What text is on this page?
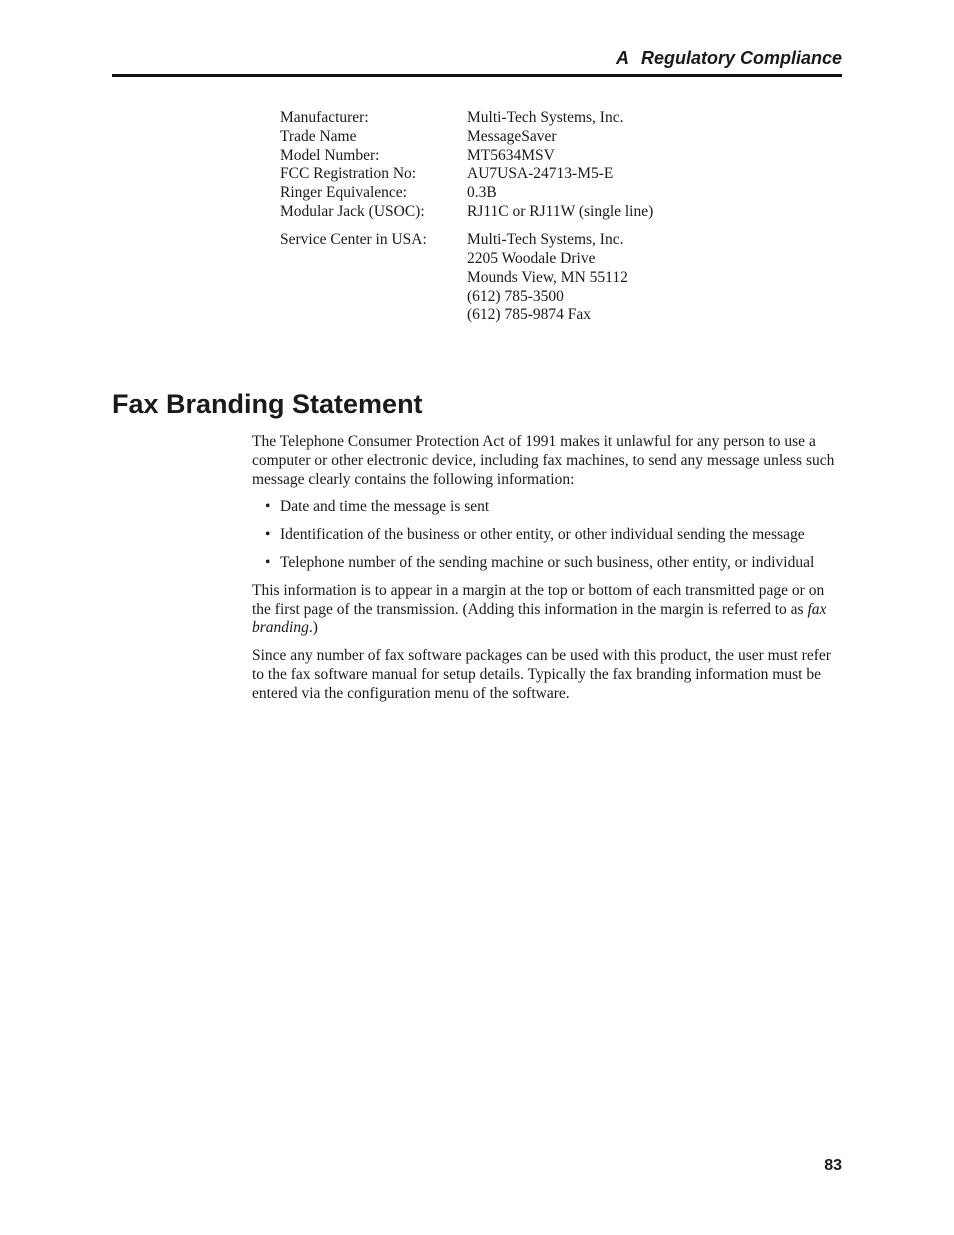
A Regulatory Compliance
Manufacturer:	Multi-Tech Systems, Inc.
Trade Name	MessageSaver
Model Number:	MT5634MSV
FCC Registration No:	AU7USA-24713-M5-E
Ringer Equivalence:	0.3B
Modular Jack (USOC):	RJ11C or RJ11W (single line)
Service Center in USA:	Multi-Tech Systems, Inc.
2205 Woodale Drive
Mounds View, MN 55112
(612) 785-3500
(612) 785-9874 Fax
Fax Branding Statement

The Telephone Consumer Protection Act of 1991 makes it unlawful for any person to use a computer or other electronic device, including fax machines, to send any message unless such message clearly contains the following information:

• Date and time the message is sent
• Identification of the business or other entity, or other individual sending the message
• Telephone number of the sending machine or such business, other entity, or individual

This information is to appear in a margin at the top or bottom of each transmitted page or on the first page of the transmission. (Adding this information in the margin is referred to as fax branding.)

Since any number of fax software packages can be used with this product, the user must refer to the fax software manual for setup details. Typically the fax branding information must be entered via the configuration menu of the software.

83
